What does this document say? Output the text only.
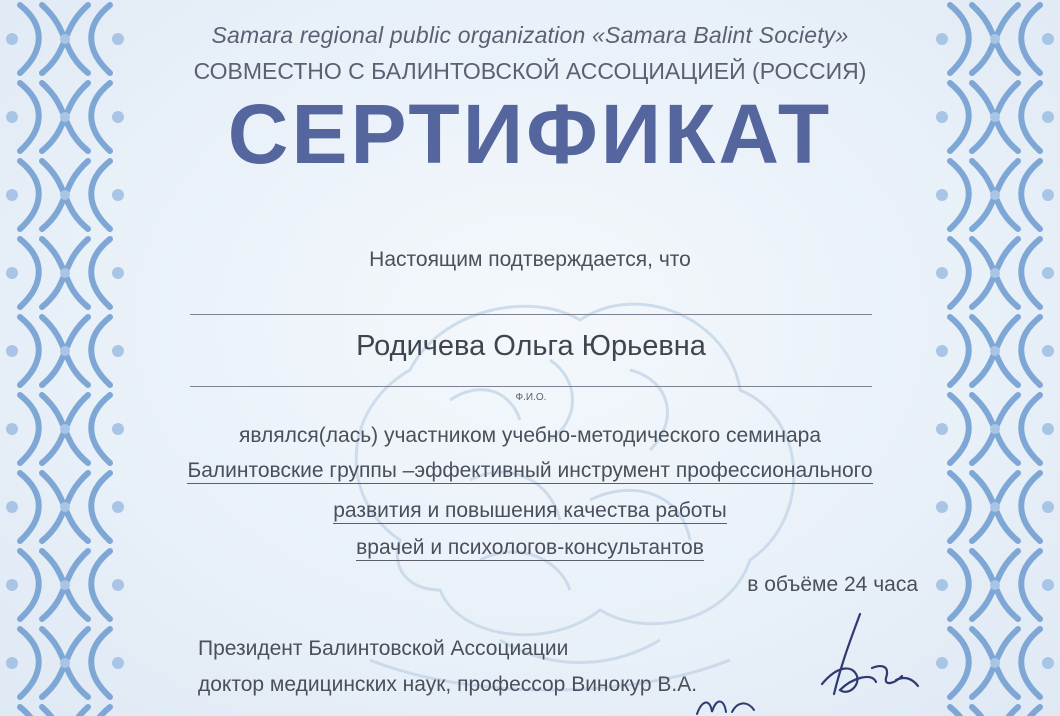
Samara regional public organization «Samara Balint Society»
СОВМЕСТНО С БАЛИНТОВСКОЙ АССОЦИАЦИЕЙ (РОССИЯ)
СЕРТИФИКАТ
Настоящим подтверждается, что
Родичева Ольга Юрьевна
Ф.И.О.
являлся(лась) участником учебно-методического семинара
Балинтовские группы –эффективный инструмент профессионального
развития и повышения качества работы
врачей и психологов-консультантов
в объёме 24 часа
Президент Балинтовской Ассоциации
доктор медицинских наук, профессор Винокур В.А.
